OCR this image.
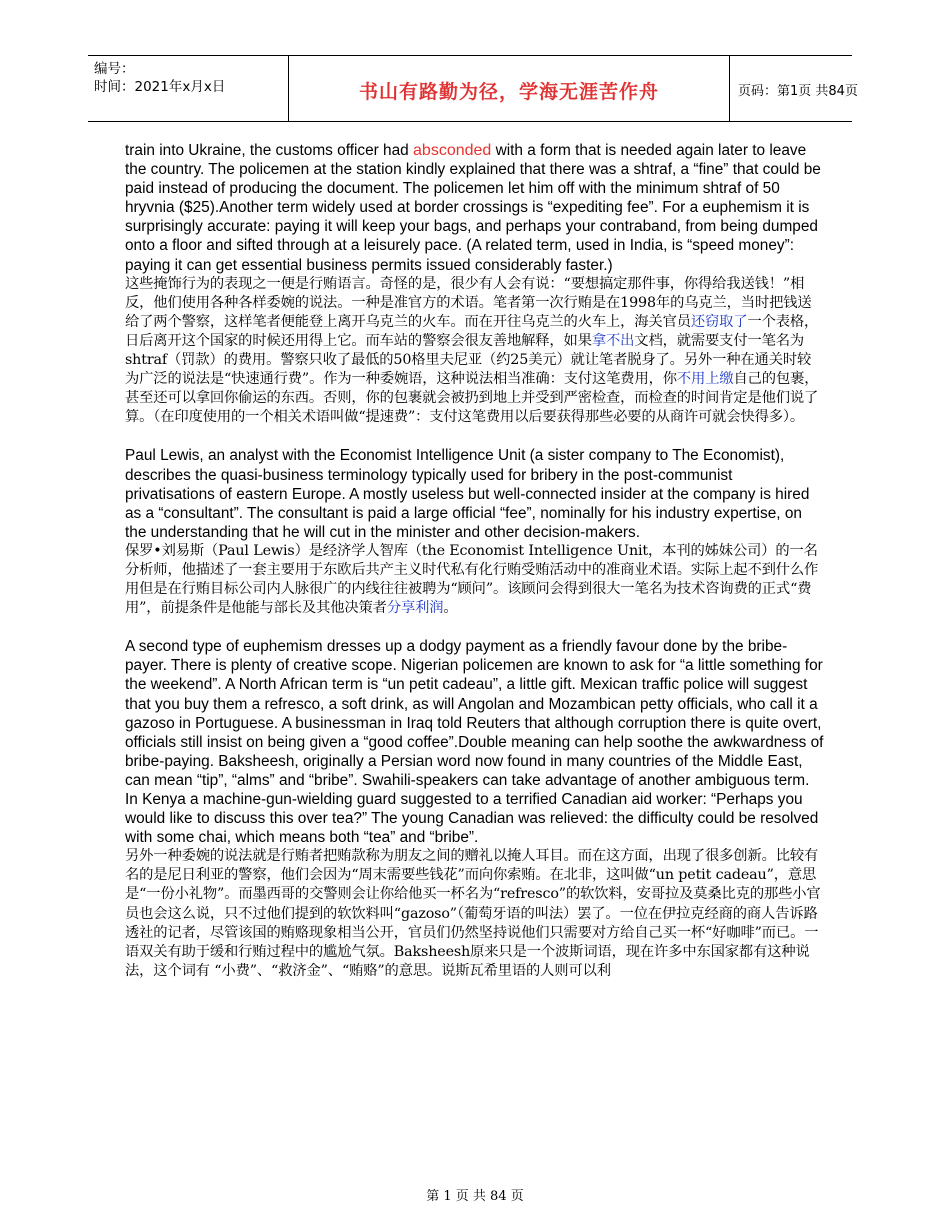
编号：
时间：2021年x月x日	书山有路勤为径，学海无涯苦作舟	页码：第1页 共84页

train into Ukraine, the customs officer had absconded with a form that is needed again later to leave the country. The policemen at the station kindly explained that there was a shtraf, a “fine” that could be paid instead of producing the document. The policemen let him off with the minimum shtraf of 50 hryvnia ($25).Another term widely used at border crossings is “expediting fee”. For a euphemism it is surprisingly accurate: paying it will keep your bags, and perhaps your contraband, from being dumped onto a floor and sifted through at a leisurely pace. (A related term, used in India, is “speed money”: paying it can get essential business permits issued considerably faster.)

这些掩饰行为的表现之一便是行贿语言。奇怪的是，很少有人会有说：“要想搞定那件事，你得给我送钱！”相反，他们使用各种各样委婉的说法。一种是准官方的术语。笔者第一次行贿是在1998年的乌克兰，当时把钱送给了两个警察，这样笔者便能登上离开乌克兰的火车。而在开往乌克兰的火车上，海关官员还窃取了一个表格，日后离开这个国家的时候还用得上它。而车站的警察会很友善地解释，如果拿不出文档，就需要支付一笔名为shtraf（罚款）的费用。警察只收了最低的50格里夫尼亚（约25美元）就让笔者脱身了。另外一种在通关时较为广泛的说法是“快速通行费”。作为一种委婉语，这种说法相当准确：支付这笔费用，你不用上缴自己的包裹，甚至还可以拿回你偷运的东西。否则，你的包裹就会被扔到地上并受到严密检查，而检查的时间肯定是他们说了算。（在印度使用的一个相关术语叫做“提速费”：支付这笔费用以后要获得那些必要的从商许可就会快得多）。

Paul Lewis, an analyst with the Economist Intelligence Unit (a sister company to The Economist), describes the quasi-business terminology typically used for bribery in the post-communist privatisations of eastern Europe. A mostly useless but well-connected insider at the company is hired as a “consultant”. The consultant is paid a large official “fee”, nominally for his industry expertise, on the understanding that he will cut in the minister and other decision-makers.

保罗•刘易斯（Paul Lewis）是经济学人智库（the Economist Intelligence Unit，本刊的姊妹公司）的一名分析师，他描述了一套主要用于东欧后共产主义时代私有化行贿受贿活动中的准商业术语。实际上起不到什么作用但是在行贿目标公司内人脉很广的内线往往被聘为“顾问”。该顾问会得到很大一笔名为技术咨询费的正式“费用”，前提条件是他能与部长及其他决策者分享利润。

A second type of euphemism dresses up a dodgy payment as a friendly favour done by the bribe-payer. There is plenty of creative scope. Nigerian policemen are known to ask for “a little something for the weekend”. A North African term is “un petit cadeau”, a little gift. Mexican traffic police will suggest that you buy them a refresco, a soft drink, as will Angolan and Mozambican petty officials, who call it a gazoso in Portuguese. A businessman in Iraq told Reuters that although corruption there is quite overt, officials still insist on being given a “good coffee”.Double meaning can help soothe the awkwardness of bribe-paying. Baksheesh, originally a Persian word now found in many countries of the Middle East, can mean “tip”, “alms” and “bribe”. Swahili-speakers can take advantage of another ambiguous term. In Kenya a machine-gun-wielding guard suggested to a terrified Canadian aid worker: “Perhaps you would like to discuss this over tea?” The young Canadian was relieved: the difficulty could be resolved with some chai, which means both “tea” and “bribe”.

另外一种委婉的说法就是行贿者把贿款称为朋友之间的赠礼以掩人耳目。而在这方面，出现了很多创新。比较有名的是尼日利亚的警察，他们会因为“周末需要些钱花”而向你索贿。在北非，这叫做“un petit cadeau”，意思是“一份小礼物”。而墨西哥的交警则会让你给他买一杯名为“refresco”的软饮料，安哥拉及莫桑比克的那些小官员也会这么说，只不过他们提到的软饮料叫“gazoso”（葡萄牙语的叫法）罢了。一位在伊拉克经商的商人告诉路透社的记者，尽管该国的贿赂现象相当公开，官员们仍然坚持说他们只需要对方给自己买一杯“好咖啡”而已。一语双关有助于缓和行贿过程中的尴尬气氛。Baksheesh原来只是一个波斯词语，现在许多中东国家都有这种说法，这个词有 “小费”、“救济金”、“贿赂”的意思。说斯瓦希里语的人则可以利

第 1 页 共 84 页
